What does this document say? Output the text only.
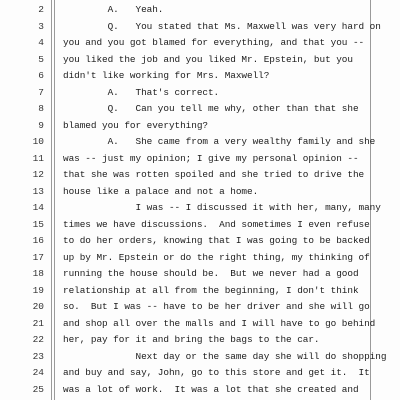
2 A.   Yeah.
3 Q.   You stated that Ms. Maxwell was very hard on
4 you and you got blamed for everything, and that you --
5 you liked the job and you liked Mr. Epstein, but you
6 didn't like working for Mrs. Maxwell?
7 A.   That's correct.
8 Q.   Can you tell me why, other than that she
9 blamed you for everything?
10 A.   She came from a very wealthy family and she
11 was -- just my opinion; I give my personal opinion --
12 that she was rotten spoiled and she tried to drive the
13 house like a palace and not a home.
14 I was -- I discussed it with her, many, many
15 times we have discussions.  And sometimes I even refuse
16 to do her orders, knowing that I was going to be backed
17 up by Mr. Epstein or do the right thing, my thinking of
18 running the house should be.  But we never had a good
19 relationship at all from the beginning, I don't think
20 so.  But I was -- have to be her driver and she will go
21 and shop all over the malls and I will have to go behind
22 her, pay for it and bring the bags to the car.
23 Next day or the same day she will do shopping
24 and buy and say, John, go to this store and get it.  It
25 was a lot of work.  It was a lot that she created and
